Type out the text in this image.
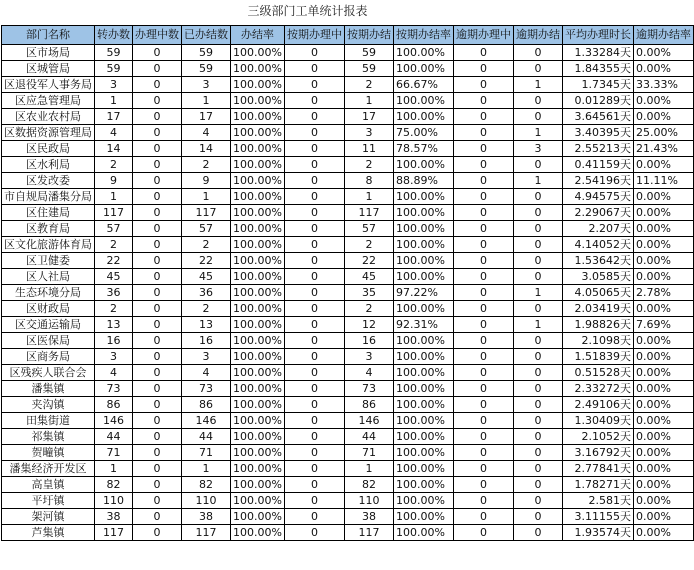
三级部门工单统计报表
部门名称	转办数	办理中数	已办结数	办结率	按期办理中	按期办结	按期办结率	逾期办理中	逾期办结	平均办理时长	逾期办结率
区市场局	59	0	59	100.00%	0	59	100.00%	0	0	1.33284天	0.00%
区城管局	59	0	59	100.00%	0	59	100.00%	0	0	1.84355天	0.00%
区退役军人事务局	3	0	3	100.00%	0	2	66.67%	0	1	1.7345天	33.33%
区应急管理局	1	0	1	100.00%	0	1	100.00%	0	0	0.01289天	0.00%
区农业农村局	17	0	17	100.00%	0	17	100.00%	0	0	3.64561天	0.00%
区数据资源管理局	4	0	4	100.00%	0	3	75.00%	0	1	3.40395天	25.00%
区民政局	14	0	14	100.00%	0	11	78.57%	0	3	2.55213天	21.43%
区水利局	2	0	2	100.00%	0	2	100.00%	0	0	0.41159天	0.00%
区发改委	9	0	9	100.00%	0	8	88.89%	0	1	2.54196天	11.11%
市自规局潘集分局	1	0	1	100.00%	0	1	100.00%	0	0	4.94575天	0.00%
区住建局	117	0	117	100.00%	0	117	100.00%	0	0	2.29067天	0.00%
区教育局	57	0	57	100.00%	0	57	100.00%	0	0	2.207天	0.00%
区文化旅游体育局	2	0	2	100.00%	0	2	100.00%	0	0	4.14052天	0.00%
区卫健委	22	0	22	100.00%	0	22	100.00%	0	0	1.53642天	0.00%
区人社局	45	0	45	100.00%	0	45	100.00%	0	0	3.0585天	0.00%
生态环境分局	36	0	36	100.00%	0	35	97.22%	0	1	4.05065天	2.78%
区财政局	2	0	2	100.00%	0	2	100.00%	0	0	2.03419天	0.00%
区交通运输局	13	0	13	100.00%	0	12	92.31%	0	1	1.98826天	7.69%
区医保局	16	0	16	100.00%	0	16	100.00%	0	0	2.1098天	0.00%
区商务局	3	0	3	100.00%	0	3	100.00%	0	0	1.51839天	0.00%
区残疾人联合会	4	0	4	100.00%	0	4	100.00%	0	0	0.51528天	0.00%
潘集镇	73	0	73	100.00%	0	73	100.00%	0	0	2.33272天	0.00%
夹沟镇	86	0	86	100.00%	0	86	100.00%	0	0	2.49106天	0.00%
田集街道	146	0	146	100.00%	0	146	100.00%	0	0	1.30409天	0.00%
祁集镇	44	0	44	100.00%	0	44	100.00%	0	0	2.1052天	0.00%
贺疃镇	71	0	71	100.00%	0	71	100.00%	0	0	3.16792天	0.00%
潘集经济开发区	1	0	1	100.00%	0	1	100.00%	0	0	2.77841天	0.00%
高皇镇	82	0	82	100.00%	0	82	100.00%	0	0	1.78271天	0.00%
平圩镇	110	0	110	100.00%	0	110	100.00%	0	0	2.581天	0.00%
架河镇	38	0	38	100.00%	0	38	100.00%	0	0	3.11155天	0.00%
芦集镇	117	0	117	100.00%	0	117	100.00%	0	0	1.93574天	0.00%
